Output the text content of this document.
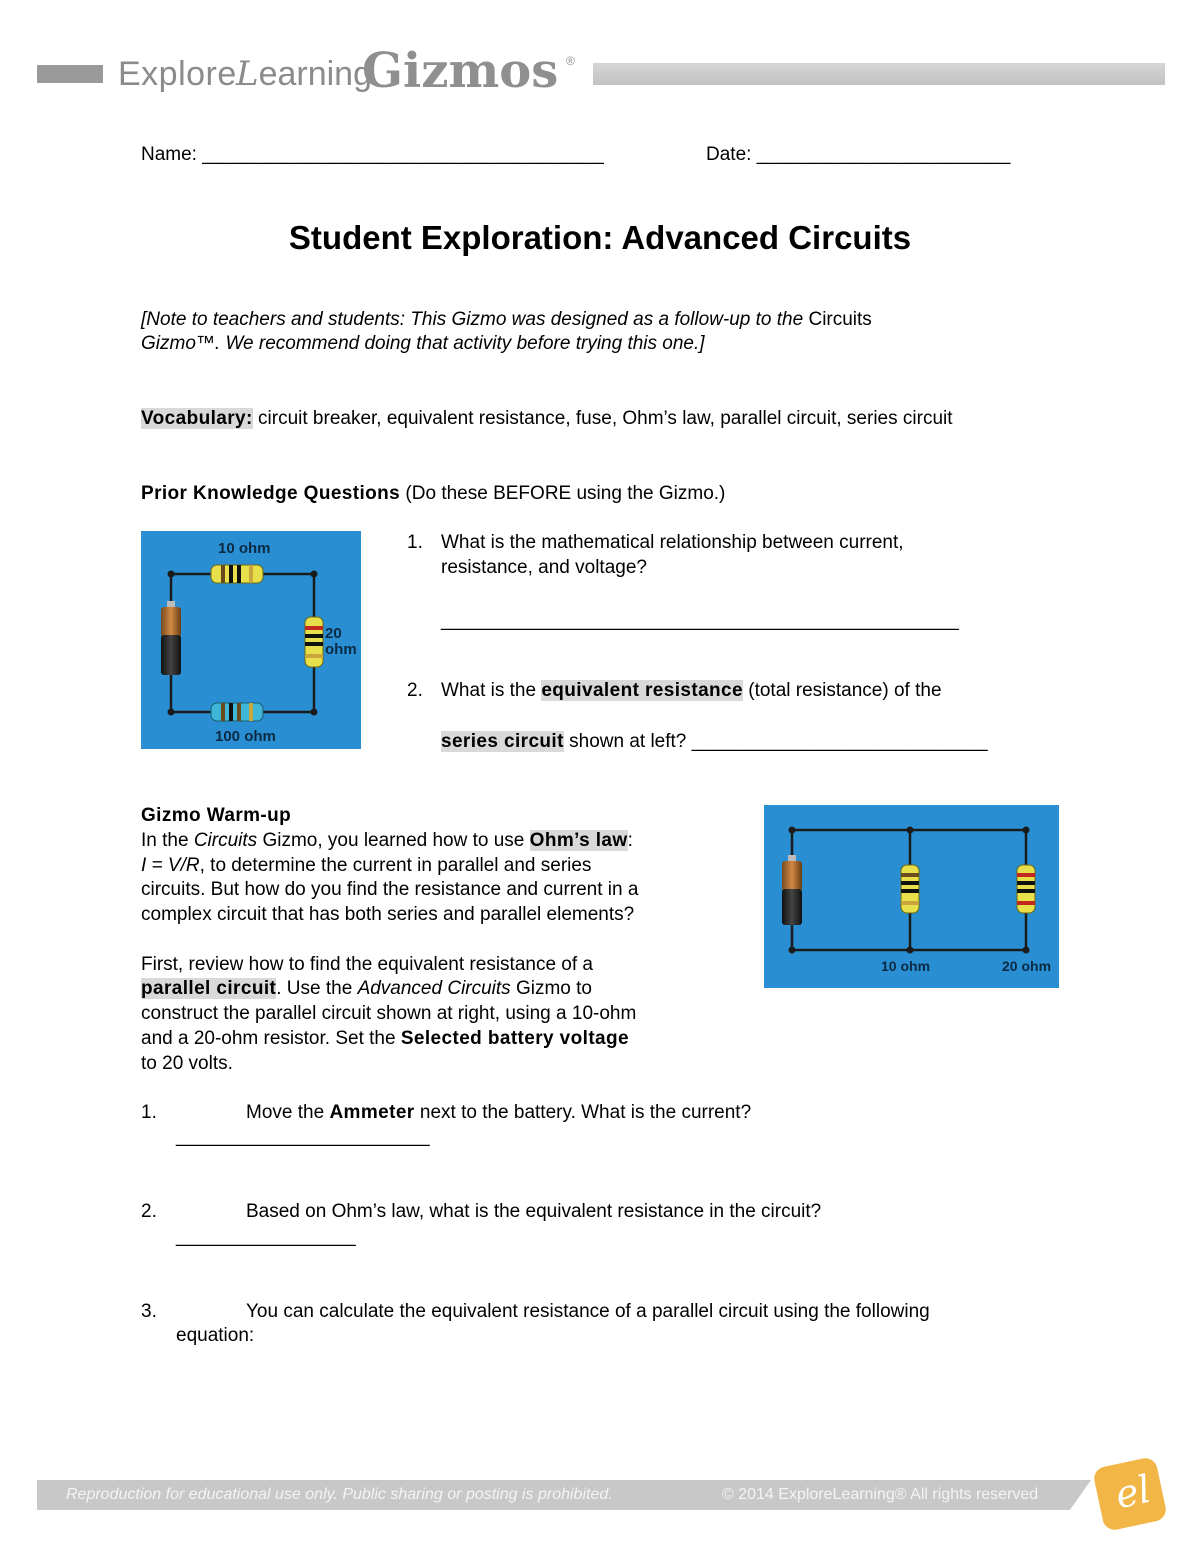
Explore Learning
Gizmos ®
Name: ______________________________________	Date: ________________________
Student Exploration: Advanced Circuits
[Note to teachers and students: This Gizmo was designed as a follow-up to the Circuits
Gizmo™. We recommend doing that activity before trying this one.]
Vocabulary: circuit breaker, equivalent resistance, fuse, Ohm’s law, parallel circuit, series circuit
Prior Knowledge Questions (Do these BEFORE using the Gizmo.)
10 ohm
20
ohm
100 ohm
1. What is the mathematical relationship between current,
resistance, and voltage?
_________________________________________________
2. What is the equivalent resistance (total resistance) of the
series circuit shown at left? ____________________________
Gizmo Warm-up
In the Circuits Gizmo, you learned how to use Ohm’s law:
I = V/R, to determine the current in parallel and series
circuits. But how do you find the resistance and current in a
complex circuit that has both series and parallel elements?
First, review how to find the equivalent resistance of a
parallel circuit. Use the Advanced Circuits Gizmo to
construct the parallel circuit shown at right, using a 10-ohm
and a 20-ohm resistor. Set the Selected battery voltage
to 20 volts.
10 ohm	20 ohm
1.	Move the Ammeter next to the battery. What is the current?
________________________
2.	Based on Ohm’s law, what is the equivalent resistance in the circuit?
_________________
3.	You can calculate the equivalent resistance of a parallel circuit using the following
equation:
Reproduction for educational use only. Public sharing or posting is prohibited.	© 2014 ExploreLearning® All rights reserved el
